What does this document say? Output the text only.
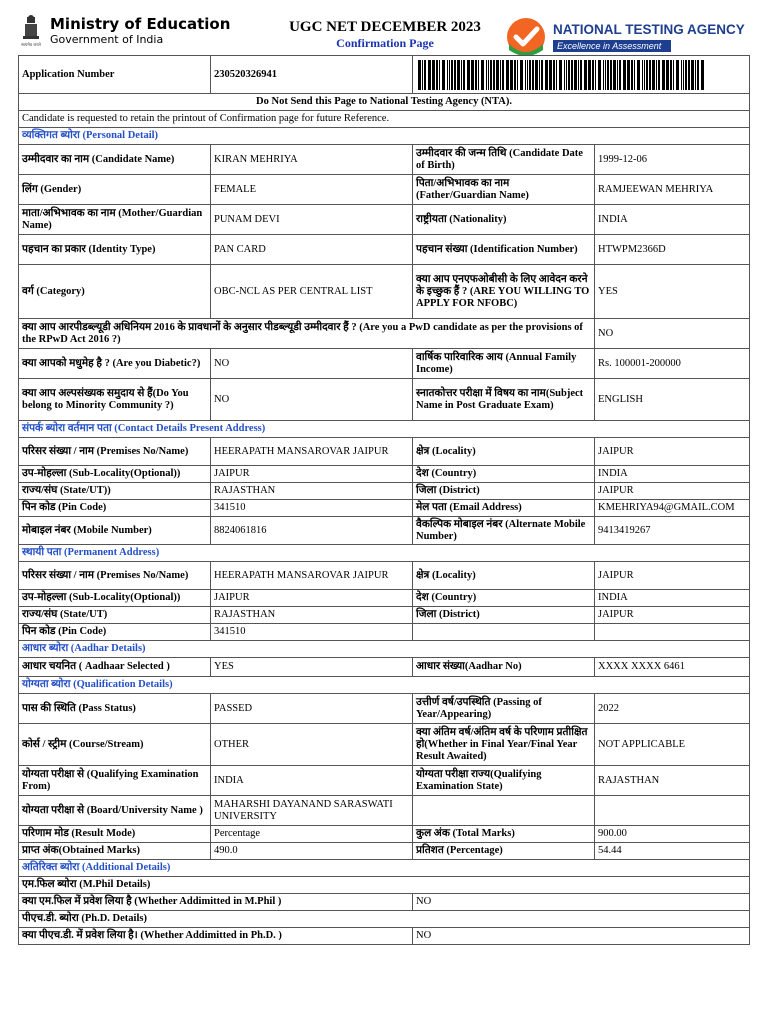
सत्यमेव जयते
Ministry of Education
Government of India
UGC NET DECEMBER 2023
Confirmation Page
NATIONAL TESTING AGENCY
Excellence in Assessment
Application Number	230520326941	

Do Not Send this Page to National Testing Agency (NTA).			
Candidate is requested to retain the printout of Confirmation page for future Reference.			
व्यक्तिगत ब्योरा (Personal Detail)			
उम्मीदवार का नाम (Candidate Name)	KIRAN MEHRIYA	उम्मीदवार की जन्म तिथि (Candidate Date of Birth)	1999-12-06
लिंग (Gender)	FEMALE	पिता/अभिभावक का नाम (Father/Guardian Name)	RAMJEEWAN MEHRIYA
माता/अभिभावक का नाम (Mother/Guardian Name)	PUNAM DEVI	राष्ट्रीयता (Nationality)	INDIA
पहचान का प्रकार (Identity Type)	PAN CARD	पहचान संख्या (Identification Number)	HTWPM2366D
वर्ग (Category)	OBC-NCL AS PER CENTRAL LIST	क्या आप एनएफओबीसी के लिए आवेदन करने के इच्छुक हैं ? (ARE YOU WILLING TO APPLY FOR NFOBC)	YES
क्या आप आरपीडब्ल्यूडी अधिनियम 2016 के प्रावधानों के अनुसार पीडब्ल्यूडी उम्मीदवार हैं ? (Are you a PwD candidate as per the provisions of the RPwD Act 2016 ?)			NO
क्या आपको मधुमेह है ? (Are you Diabetic?)	NO	वार्षिक पारिवारिक आय (Annual Family Income)	Rs. 100001-200000
क्या आप अल्पसंख्यक समुदाय से हैं(Do You belong to Minority Community ?)	NO	स्नातकोत्तर परीक्षा में विषय का नाम(Subject Name in Post Graduate Exam)	ENGLISH
संपर्क ब्योरा वर्तमान पता (Contact Details Present Address)			
परिसर संख्या / नाम (Premises No/Name)	HEERAPATH MANSAROVAR JAIPUR	क्षेत्र (Locality)	JAIPUR
उप-मोहल्ला (Sub-Locality(Optional))	JAIPUR	देश (Country)	INDIA
राज्य/संघ (State/UT))	RAJASTHAN	जिला (District)	JAIPUR
पिन कोड (Pin Code)	341510	मेल पता (Email Address)	KMEHRIYA94@GMAIL.COM
मोबाइल नंबर (Mobile Number)	8824061816	वैकल्पिक मोबाइल नंबर (Alternate Mobile Number)	9413419267
स्थायी पता (Permanent Address)			
परिसर संख्या / नाम (Premises No/Name)	HEERAPATH MANSAROVAR JAIPUR	क्षेत्र (Locality)	JAIPUR
उप-मोहल्ला (Sub-Locality(Optional))	JAIPUR	देश (Country)	INDIA
राज्य/संघ (State/UT)	RAJASTHAN	जिला (District)	JAIPUR
पिन कोड (Pin Code)	341510		
आधार ब्योरा (Aadhar Details)			
आधार चयनित ( Aadhaar Selected )	YES	आधार संख्या(Aadhar No)	XXXX XXXX 6461
योग्यता ब्योरा (Qualification Details)			
पास की स्थिति (Pass Status)	PASSED	उत्तीर्ण वर्ष/उपस्थिति (Passing of Year/Appearing)	2022
कोर्स / स्ट्रीम (Course/Stream)	OTHER	क्या अंतिम वर्ष/अंतिम वर्ष के परिणाम प्रतीक्षित हो(Whether in Final Year/Final Year Result Awaited)	NOT APPLICABLE
योग्यता परीक्षा से (Qualifying Examination From)	INDIA	योग्यता परीक्षा राज्य(Qualifying Examination State)	RAJASTHAN
योग्यता परीक्षा से (Board/University Name )	MAHARSHI DAYANAND SARASWATI UNIVERSITY		
परिणाम मोड (Result Mode)	Percentage	कुल अंक (Total Marks)	900.00
प्राप्त अंक(Obtained Marks)	490.0	प्रतिशत (Percentage)	54.44
अतिरिक्त ब्योरा (Additional Details)			
एम.फिल ब्योरा (M.Phil Details)			
क्या एम.फिल में प्रवेश लिया है (Whether Addimitted in M.Phil )		NO	
पीएच.डी. ब्योरा (Ph.D. Details)			
क्या पीएच.डी. में प्रवेश लिया है। (Whether Addimitted in Ph.D. )		NO	
